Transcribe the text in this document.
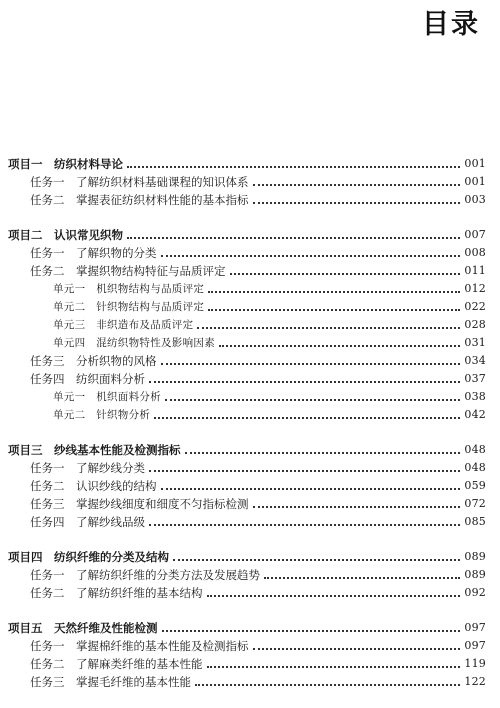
目录
项目一　纺织材料导论	001
任务一　了解纺织材料基础课程的知识体系	001
任务二　掌握表征纺织材料性能的基本指标	003
项目二　认识常见织物	007
任务一　了解织物的分类	008
任务二　掌握织物结构特征与品质评定	011
单元一　机织物结构与品质评定	012
单元二　针织物结构与品质评定	022
单元三　非织造布及品质评定	028
单元四　混纺织物特性及影响因素	031
任务三　分析织物的风格	034
任务四　纺织面料分析	037
单元一　机织面料分析	038
单元二　针织物分析	042
项目三　纱线基本性能及检测指标	048
任务一　了解纱线分类	048
任务二　认识纱线的结构	059
任务三　掌握纱线细度和细度不匀指标检测	072
任务四　了解纱线品级	085
项目四　纺织纤维的分类及结构	089
任务一　了解纺织纤维的分类方法及发展趋势	089
任务二　了解纺织纤维的基本结构	092
项目五　天然纤维及性能检测	097
任务一　掌握棉纤维的基本性能及检测指标	097
任务二　了解麻类纤维的基本性能	119
任务三　掌握毛纤维的基本性能	122
